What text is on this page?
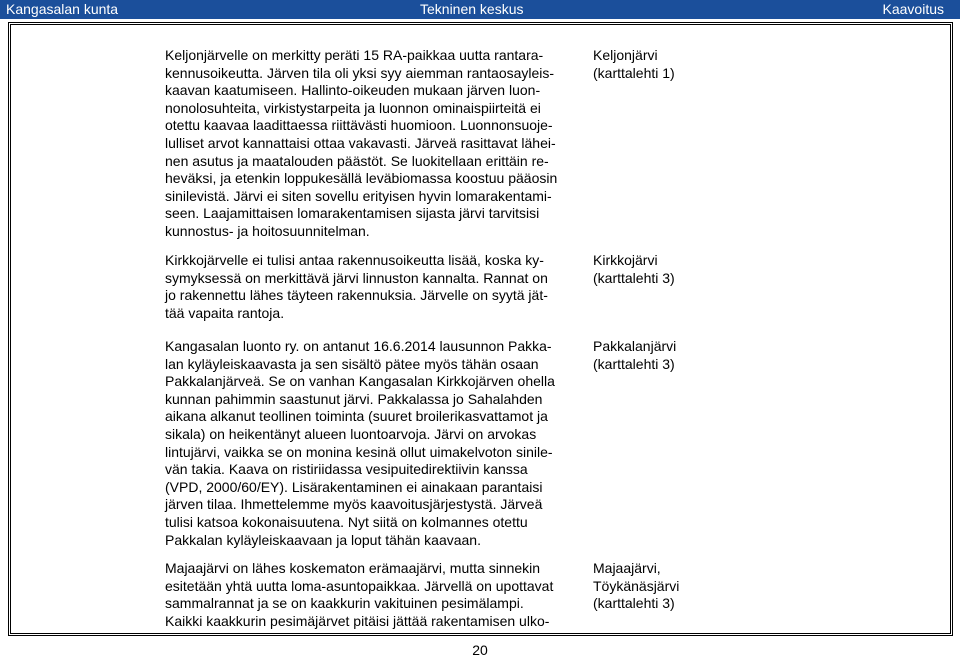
Kangasalan kunta	Tekninen keskus	Kaavoitus
Keljonjärvelle on merkitty peräti 15 RA-paikkaa uutta rantara-
kennusoikeutta. Järven tila oli yksi syy aiemman rantaosayleis-
kaavan kaatumiseen. Hallinto-oikeuden mukaan järven luon-
nonolosuhteita, virkistystarpeita ja luonnon ominaispiirteitä ei
otettu kaavaa laadittaessa riittävästi huomioon. Luonnonsuoje-
lulliset arvot kannattaisi ottaa vakavasti. Järveä rasittavat lähei-
nen asutus ja maatalouden päästöt. Se luokitellaan erittäin re-
heväksi, ja etenkin loppukesällä leväbiomassa koostuu pääosin
sinilevistä. Järvi ei siten sovellu erityisen hyvin lomarakentami-
seen. Laajamittaisen lomarakentamisen sijasta järvi tarvitsisi
kunnostus- ja hoitosuunnitelman.
Keljonjärvi
(karttalehti 1)
Kirkkojärvelle ei tulisi antaa rakennusoikeutta lisää, koska ky-
symyksessä on merkittävä järvi linnuston kannalta. Rannat on
jo rakennettu lähes täyteen rakennuksia. Järvelle on syytä jät-
tää vapaita rantoja.
Kirkkojärvi
(karttalehti 3)
Kangasalan luonto ry. on antanut 16.6.2014 lausunnon Pakka-
lan kyläyleiskaavasta ja sen sisältö pätee myös tähän osaan
Pakkalanjärveä. Se on vanhan Kangasalan Kirkkojärven ohella
kunnan pahimmin saastunut järvi. Pakkalassa jo Sahalahden
aikana alkanut teollinen toiminta (suuret broilerikasvattamot ja
sikala) on heikentänyt alueen luontoarvoja. Järvi on arvokas
lintujärvi, vaikka se on monina kesinä ollut uimakelvoton sinile-
vän takia. Kaava on ristiriidassa vesipuitedirektiivin kanssa
(VPD, 2000/60/EY). Lisärakentaminen ei ainakaan parantaisi
järven tilaa. Ihmettelemme myös kaavoitusjärjestystä. Järveä
tulisi katsoa kokonaisuutena. Nyt siitä on kolmannes otettu
Pakkalan kyläyleiskaavaan ja loput tähän kaavaan.
Pakkalanjärvi
(karttalehti 3)
Majaajärvi on lähes koskematon erämaajärvi, mutta sinnekin
esitetään yhtä uutta loma-asuntopaikkaa. Järvellä on upottavat
sammalrannat ja se on kaakkurin vakituinen pesimälampi.
Kaikki kaakkurin pesimäjärvet pitäisi jättää rakentamisen ulko-
Majaajärvi,
Töykänäsjärvi
(karttalehti 3)
20
